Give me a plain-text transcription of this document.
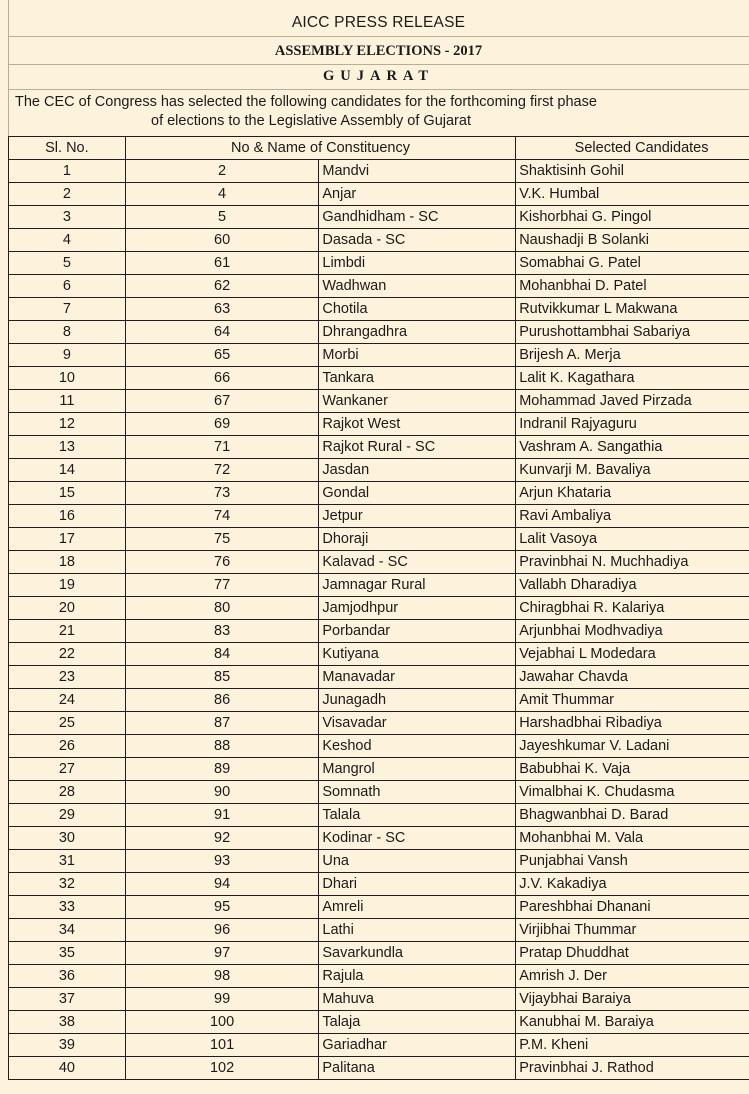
AICC PRESS RELEASE
ASSEMBLY ELECTIONS - 2017
GUJARAT
The CEC of Congress has selected the following candidates for the forthcoming first phase
of elections to the Legislative Assembly of Gujarat
Sl. No.	No & Name of Constituency		Selected Candidates
1	2	Mandvi	Shaktisinh Gohil
2	4	Anjar	V.K. Humbal
3	5	Gandhidham - SC	Kishorbhai G. Pingol
4	60	Dasada - SC	Naushadji B Solanki
5	61	Limbdi	Somabhai G. Patel
6	62	Wadhwan	Mohanbhai D. Patel
7	63	Chotila	Rutvikkumar L Makwana
8	64	Dhrangadhra	Purushottambhai Sabariya
9	65	Morbi	Brijesh A. Merja
10	66	Tankara	Lalit K. Kagathara
11	67	Wankaner	Mohammad Javed Pirzada
12	69	Rajkot West	Indranil Rajyaguru
13	71	Rajkot Rural - SC	Vashram A. Sangathia
14	72	Jasdan	Kunvarji M. Bavaliya
15	73	Gondal	Arjun Khataria
16	74	Jetpur	Ravi Ambaliya
17	75	Dhoraji	Lalit Vasoya
18	76	Kalavad - SC	Pravinbhai N. Muchhadiya
19	77	Jamnagar Rural	Vallabh Dharadiya
20	80	Jamjodhpur	Chiragbhai R. Kalariya
21	83	Porbandar	Arjunbhai Modhvadiya
22	84	Kutiyana	Vejabhai L Modedara
23	85	Manavadar	Jawahar Chavda
24	86	Junagadh	Amit Thummar
25	87	Visavadar	Harshadbhai Ribadiya
26	88	Keshod	Jayeshkumar V. Ladani
27	89	Mangrol	Babubhai K. Vaja
28	90	Somnath	Vimalbhai K. Chudasma
29	91	Talala	Bhagwanbhai D. Barad
30	92	Kodinar - SC	Mohanbhai M. Vala
31	93	Una	Punjabhai Vansh
32	94	Dhari	J.V. Kakadiya
33	95	Amreli	Pareshbhai Dhanani
34	96	Lathi	Virjibhai Thummar
35	97	Savarkundla	Pratap Dhuddhat
36	98	Rajula	Amrish J. Der
37	99	Mahuva	Vijaybhai Baraiya
38	100	Talaja	Kanubhai M. Baraiya
39	101	Gariadhar	P.M. Kheni
40	102	Palitana	Pravinbhai J. Rathod
